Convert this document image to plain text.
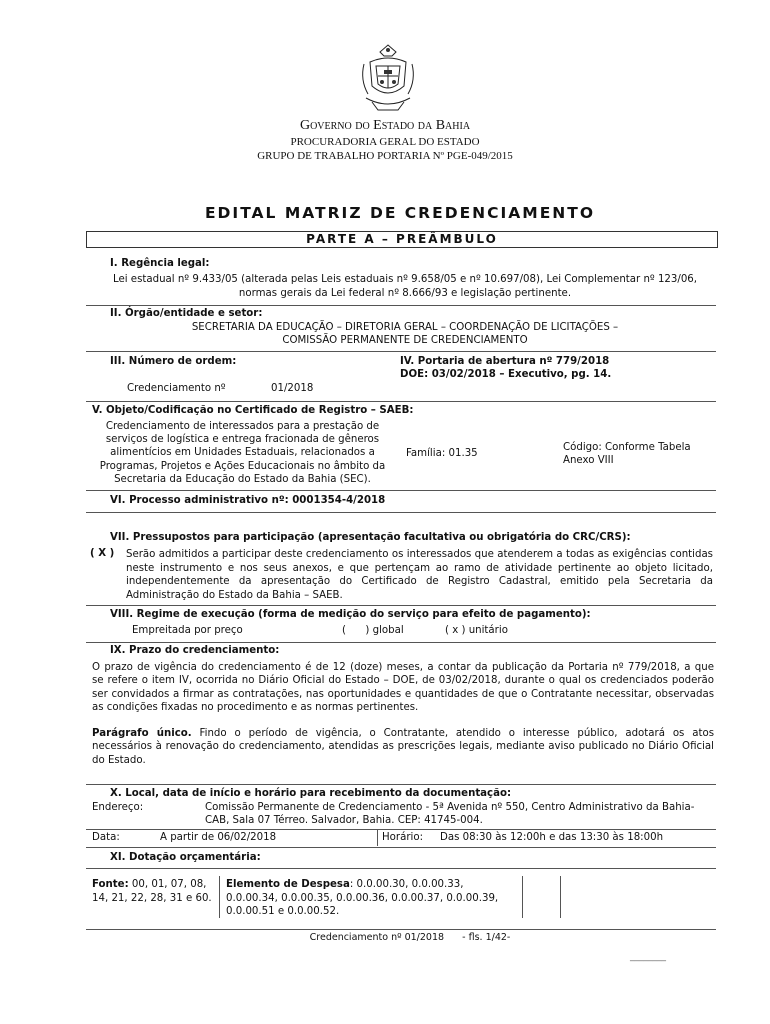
Governo do Estado da Bahia
PROCURADORIA GERAL DO ESTADO
GRUPO DE TRABALHO PORTARIA Nº PGE-049/2015
EDITAL MATRIZ DE CREDENCIAMENTO
PARTE A – PREÂMBULO
I. Regência legal:
Lei estadual nº 9.433/05 (alterada pelas Leis estaduais nº 9.658/05 e nº 10.697/08), Lei Complementar nº 123/06,
normas gerais da Lei federal nº 8.666/93 e legislação pertinente.
II. Órgão/entidade e setor:
SECRETARIA DA EDUCAÇÃO – DIRETORIA GERAL – COORDENAÇÃO DE LICITAÇÕES –
COMISSÃO PERMANENTE DE CREDENCIAMENTO
III. Número de ordem:
Credenciamento nº	01/2018
IV. Portaria de abertura nº 779/2018
DOE: 03/02/2018 – Executivo, pg. 14.
V. Objeto/Codificação no Certificado de Registro – SAEB:
Credenciamento de interessados para a prestação de
serviços de logística e entrega fracionada de gêneros
alimentícios em Unidades Estaduais, relacionados a
Programas, Projetos e Ações Educacionais no âmbito da
Secretaria da Educação do Estado da Bahia (SEC).
Família: 01.35
Código: Conforme Tabela
Anexo VIII
VI. Processo administrativo nº: 0001354-4/2018
VII. Pressupostos para participação (apresentação facultativa ou obrigatória do CRC/CRS):
( X ) Serão admitidos a participar deste credenciamento os interessados que atenderem a todas as exigências contidas
neste instrumento e nos seus anexos, e que pertençam ao ramo de atividade pertinente ao objeto licitado,
independentemente da apresentação do Certificado de Registro Cadastral, emitido pela Secretaria da
Administração do Estado da Bahia – SAEB.
VIII. Regime de execução (forma de medição do serviço para efeito de pagamento):
Empreitada por preço	(      ) global	( x ) unitário
IX. Prazo do credenciamento:
O prazo de vigência do credenciamento é de 12 (doze) meses, a contar da publicação da Portaria nº 779/2018, a que
se refere o item IV, ocorrida no Diário Oficial do Estado – DOE, de 03/02/2018, durante o qual os credenciados poderão
ser convidados a firmar as contratações, nas oportunidades e quantidades de que o Contratante necessitar, observadas
as condições fixadas no procedimento e as normas pertinentes.
Parágrafo único. Findo o período de vigência, o Contratante, atendido o interesse público, adotará os atos
necessários à renovação do credenciamento, atendidas as prescrições legais, mediante aviso publicado no Diário Oficial
do Estado.
X. Local, data de início e horário para recebimento da documentação:
Endereço:	Comissão Permanente de Credenciamento - 5ª Avenida nº 550, Centro Administrativo da Bahia-
CAB, Sala 07 Térreo. Salvador, Bahia. CEP: 41745-004.
Data:	A partir de 06/02/2018	Horário: Das 08:30 às 12:00h e das 13:30 às 18:00h
XI. Dotação orçamentária:
Fonte: 00, 01, 07, 08,
14, 21, 22, 28, 31 e 60.
Elemento de Despesa: 0.0.00.30, 0.0.00.33,
0.0.00.34, 0.0.00.35, 0.0.00.36, 0.0.00.37, 0.0.00.39,
0.0.00.51 e 0.0.00.52.
Credenciamento nº 01/2018      - fls. 1/42-
________
